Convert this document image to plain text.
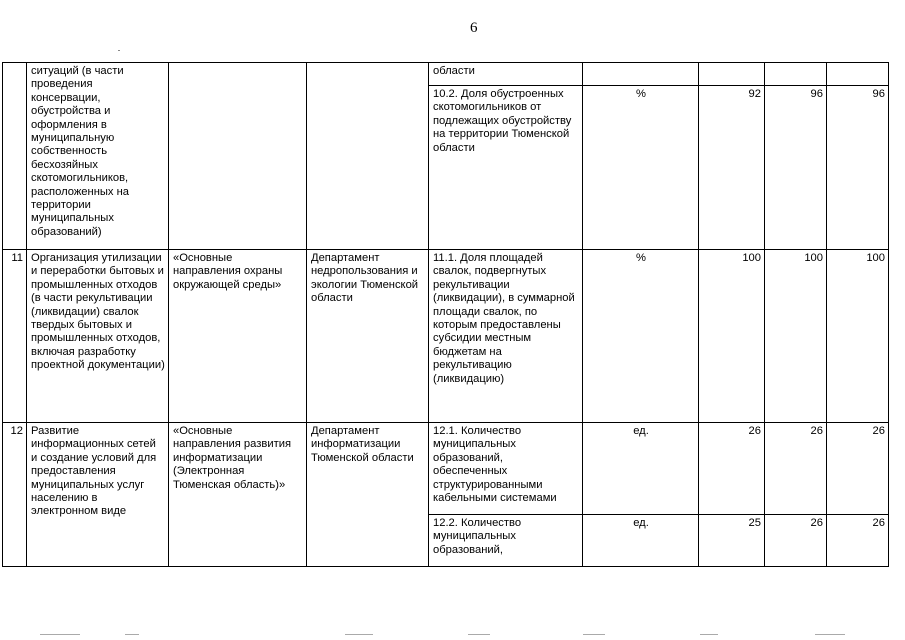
6
	ситуаций (в части проведения консервации, обустройства и оформления в муниципальную собственность бесхозяйных скотомогильников, расположенных на территории муниципальных образований)			области				
				10.2. Доля обустроенных скотомогильников от подлежащих обустройству на территории Тюменской области	%	92	96	96
11	Организация утилизации и переработки бытовых и промышленных отходов (в части рекультивации (ликвидации) свалок твердых бытовых и промышленных отходов, включая разработку проектной документации)	«Основные направления охраны окружающей среды»	Департамент недропользования и экологии Тюменской области	11.1. Доля площадей свалок, подвергнутых рекультивации (ликвидации), в суммарной площади свалок, по которым предоставлены субсидии местным бюджетам на рекультивацию (ликвидацию)	%	100	100	100
12	Развитие информационных сетей и создание условий для предоставления муниципальных услуг населению в электронном виде	«Основные направления развития информатизации (Электронная Тюменская область)»	Департамент информатизации Тюменской области	12.1. Количество муниципальных образований, обеспеченных структурированными кабельными системами	ед.	26	26	26
				12.2. Количество муниципальных образований,	ед.	25	26	26
